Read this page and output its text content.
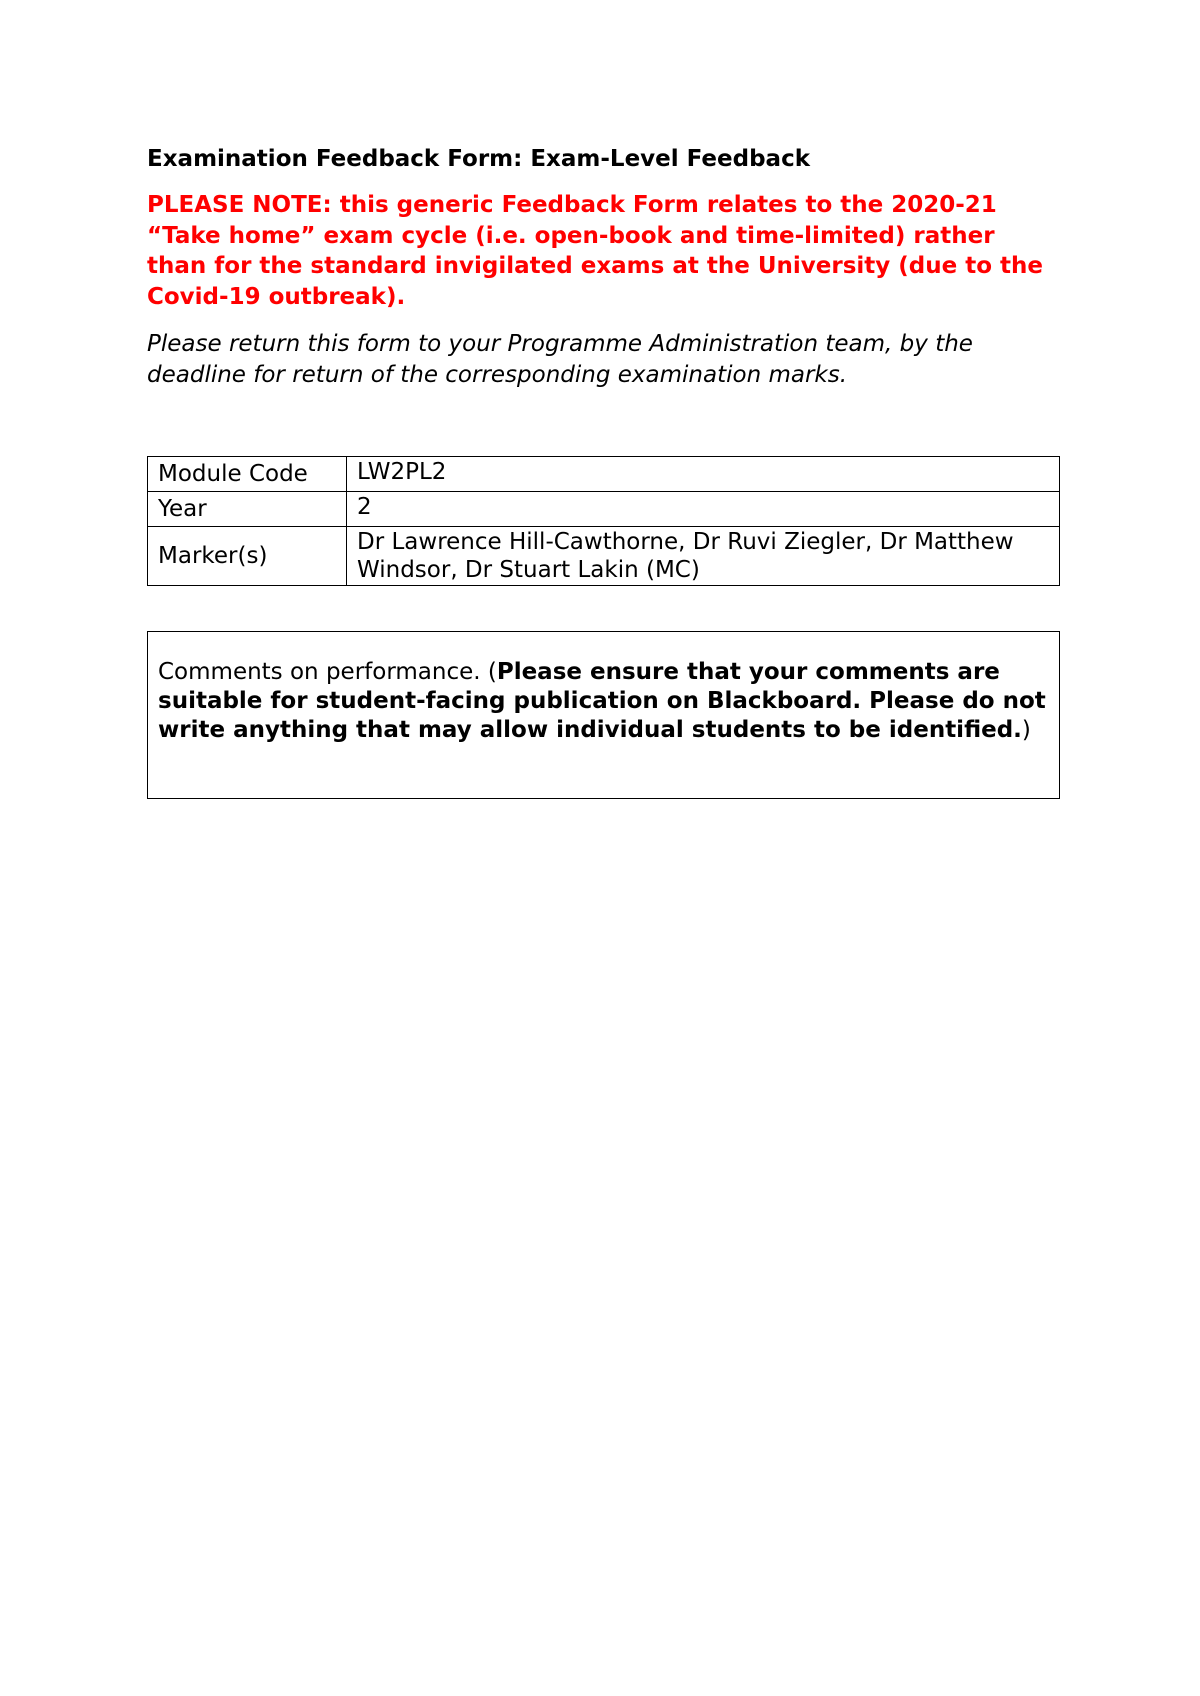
Examination Feedback Form: Exam-Level Feedback

PLEASE NOTE: this generic Feedback Form relates to the 2020-21 “Take home” exam cycle (i.e. open-book and time-limited) rather than for the standard invigilated exams at the University (due to the Covid-19 outbreak).

Please return this form to your Programme Administration team, by the deadline for return of the corresponding examination marks.

Module Code	LW2PL2
Year	2
Marker(s)	Dr Lawrence Hill-Cawthorne, Dr Ruvi Ziegler, Dr Matthew Windsor, Dr Stuart Lakin (MC)

Comments on performance. (Please ensure that your comments are suitable for student-facing publication on Blackboard. Please do not write anything that may allow individual students to be identified.)
